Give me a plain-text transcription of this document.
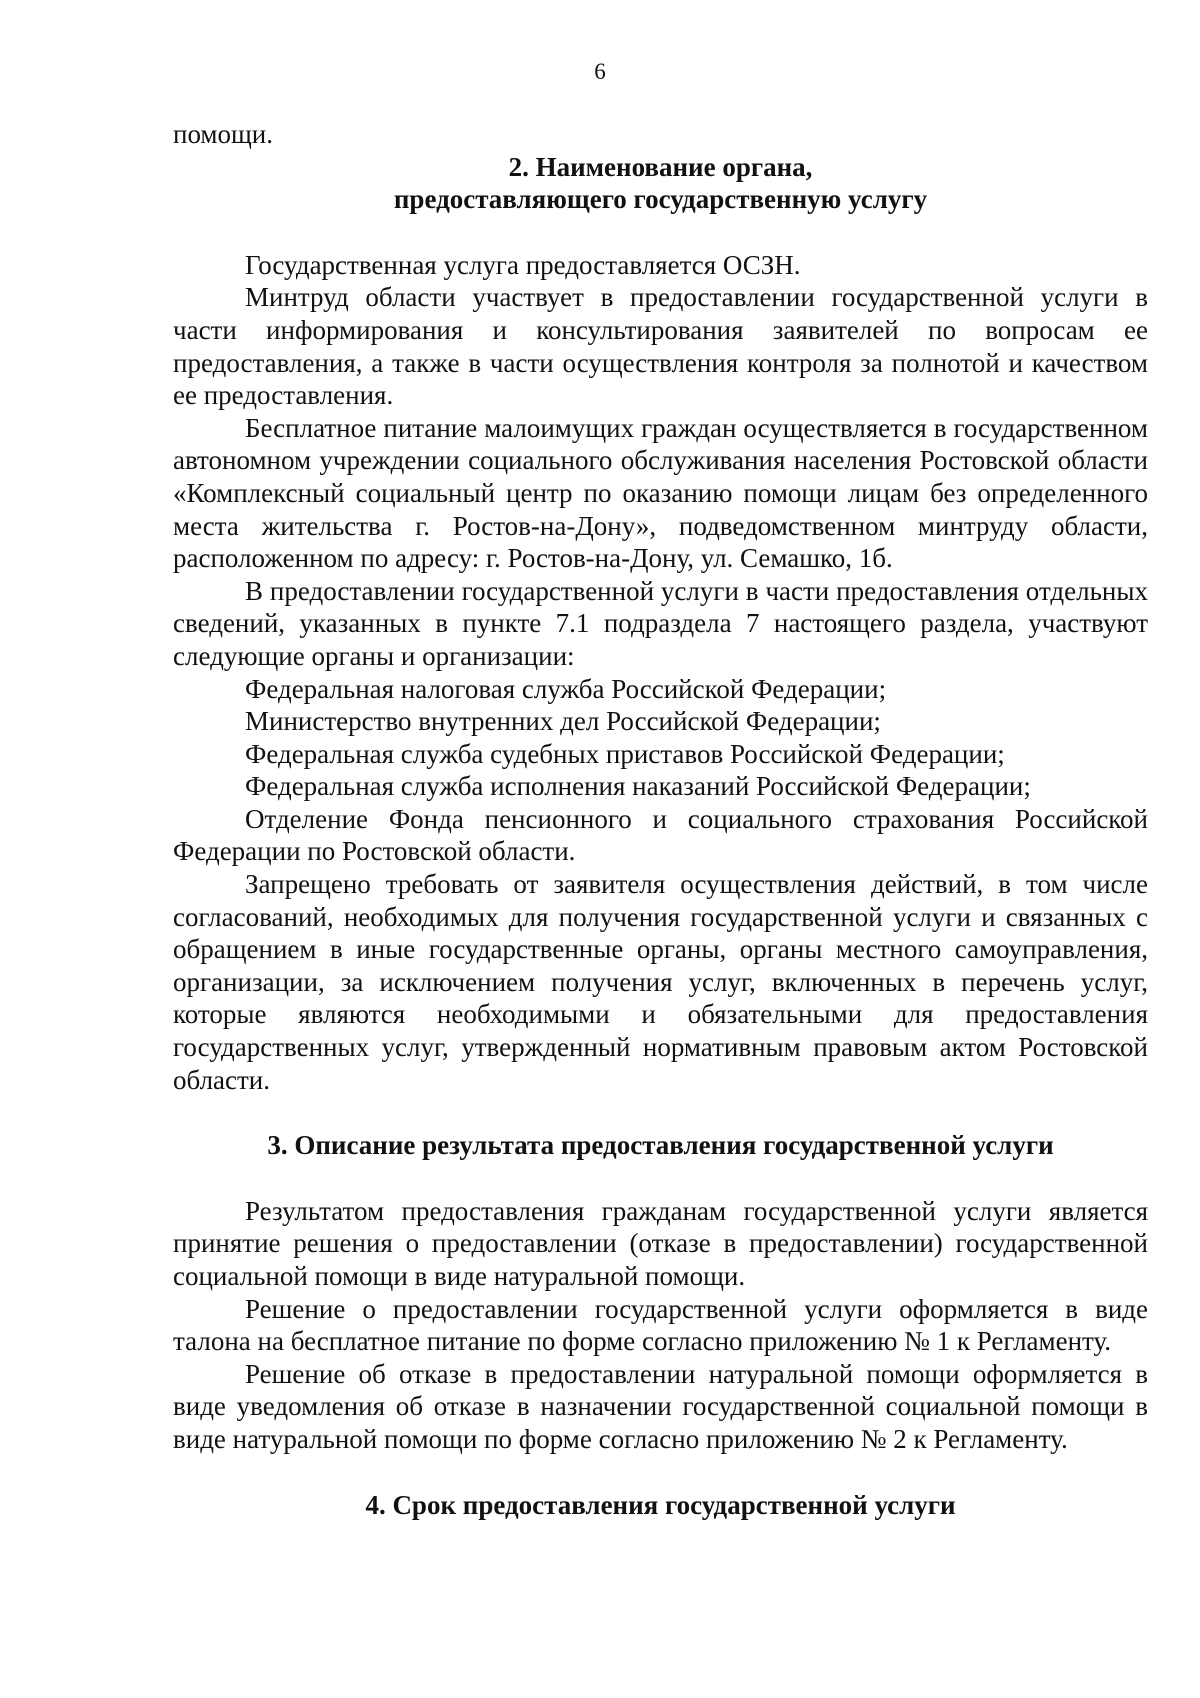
6

помощи.

2. Наименование органа,
предоставляющего государственную услугу

Государственная услуга предоставляется ОСЗН.

Минтруд области участвует в предоставлении государственной услуги в части информирования и консультирования заявителей по вопросам ее предоставления, а также в части осуществления контроля за полнотой и качеством ее предоставления.

Бесплатное питание малоимущих граждан осуществляется в государственном автономном учреждении социального обслуживания населения Ростовской области «Комплексный социальный центр по оказанию помощи лицам без определенного места жительства г. Ростов-на-Дону», подведомственном минтруду области, расположенном по адресу: г. Ростов-на-Дону, ул. Семашко, 1б.

В предоставлении государственной услуги в части предоставления отдельных сведений, указанных в пункте 7.1 подраздела 7 настоящего раздела, участвуют следующие органы и организации:

Федеральная налоговая служба Российской Федерации;

Министерство внутренних дел Российской Федерации;

Федеральная служба судебных приставов Российской Федерации;

Федеральная служба исполнения наказаний Российской Федерации;

Отделение Фонда пенсионного и социального страхования Российской Федерации по Ростовской области.

Запрещено требовать от заявителя осуществления действий, в том числе согласований, необходимых для получения государственной услуги и связанных с обращением в иные государственные органы, органы местного самоуправления, организации, за исключением получения услуг, включенных в перечень услуг, которые являются необходимыми и обязательными для предоставления государственных услуг, утвержденный нормативным правовым актом Ростовской области.

3. Описание результата предоставления государственной услуги

Результатом предоставления гражданам государственной услуги является принятие решения о предоставлении (отказе в предоставлении) государственной социальной помощи в виде натуральной помощи.

Решение о предоставлении государственной услуги оформляется в виде талона на бесплатное питание по форме согласно приложению № 1 к Регламенту.

Решение об отказе в предоставлении натуральной помощи оформляется в виде уведомления об отказе в назначении государственной социальной помощи в виде натуральной помощи по форме согласно приложению № 2 к Регламенту.

4. Срок предоставления государственной услуги
